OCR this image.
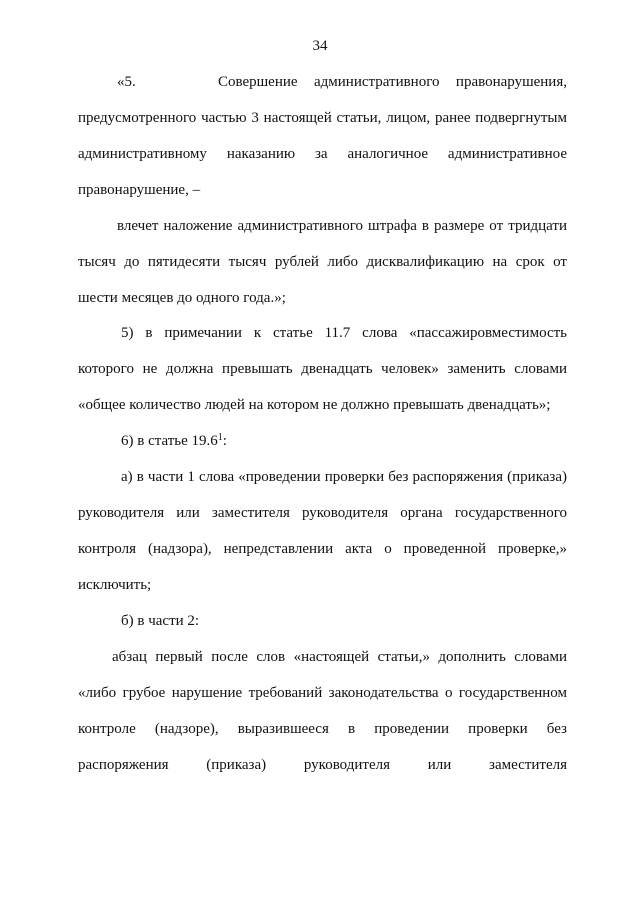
34
«5.     Совершение административного правонарушения,
предусмотренного частью 3 настоящей статьи, лицом, ранее подвергнутым
административному наказанию за аналогичное административное
правонарушение, –
влечет наложение административного штрафа в размере от тридцати
тысяч до пятидесяти тысяч рублей либо дисквалификацию на срок от
шести месяцев до одного года.»;
5) в примечании к статье 11.7 слова «пассажировместимость
которого не должна превышать двенадцать человек» заменить словами
«общее количество людей на котором не должно превышать двенадцать»;
6) в статье 19.6$^1$:
а) в части 1 слова «проведении проверки без распоряжения (приказа)
руководителя или заместителя руководителя органа государственного
контроля (надзора), непредставлении акта о проведенной проверке,»
исключить;
б) в части 2:
абзац первый после слов «настоящей статьи,» дополнить словами
«либо грубое нарушение требований законодательства о государственном
контроле (надзоре), выразившееся в проведении проверки без
распоряжения (приказа) руководителя или заместителя
